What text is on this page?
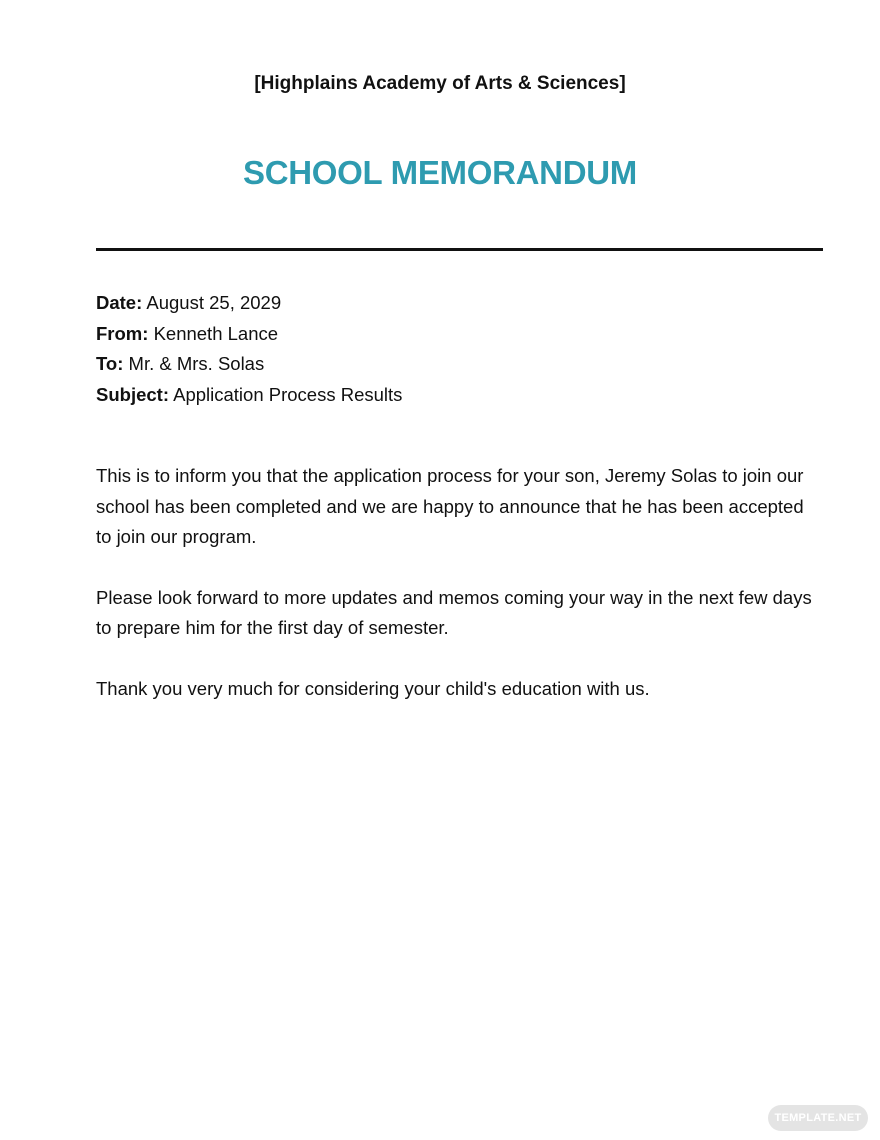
[Highplains Academy of Arts & Sciences]
SCHOOL MEMORANDUM
Date: August 25, 2029
From: Kenneth Lance
To: Mr. & Mrs. Solas
Subject: Application Process Results

This is to inform you that the application process for your son, Jeremy Solas to join our school has been completed and we are happy to announce that he has been accepted to join our program.

Please look forward to more updates and memos coming your way in the next few days to prepare him for the first day of semester.

Thank you very much for considering your child's education with us.

TEMPLATE.NET
